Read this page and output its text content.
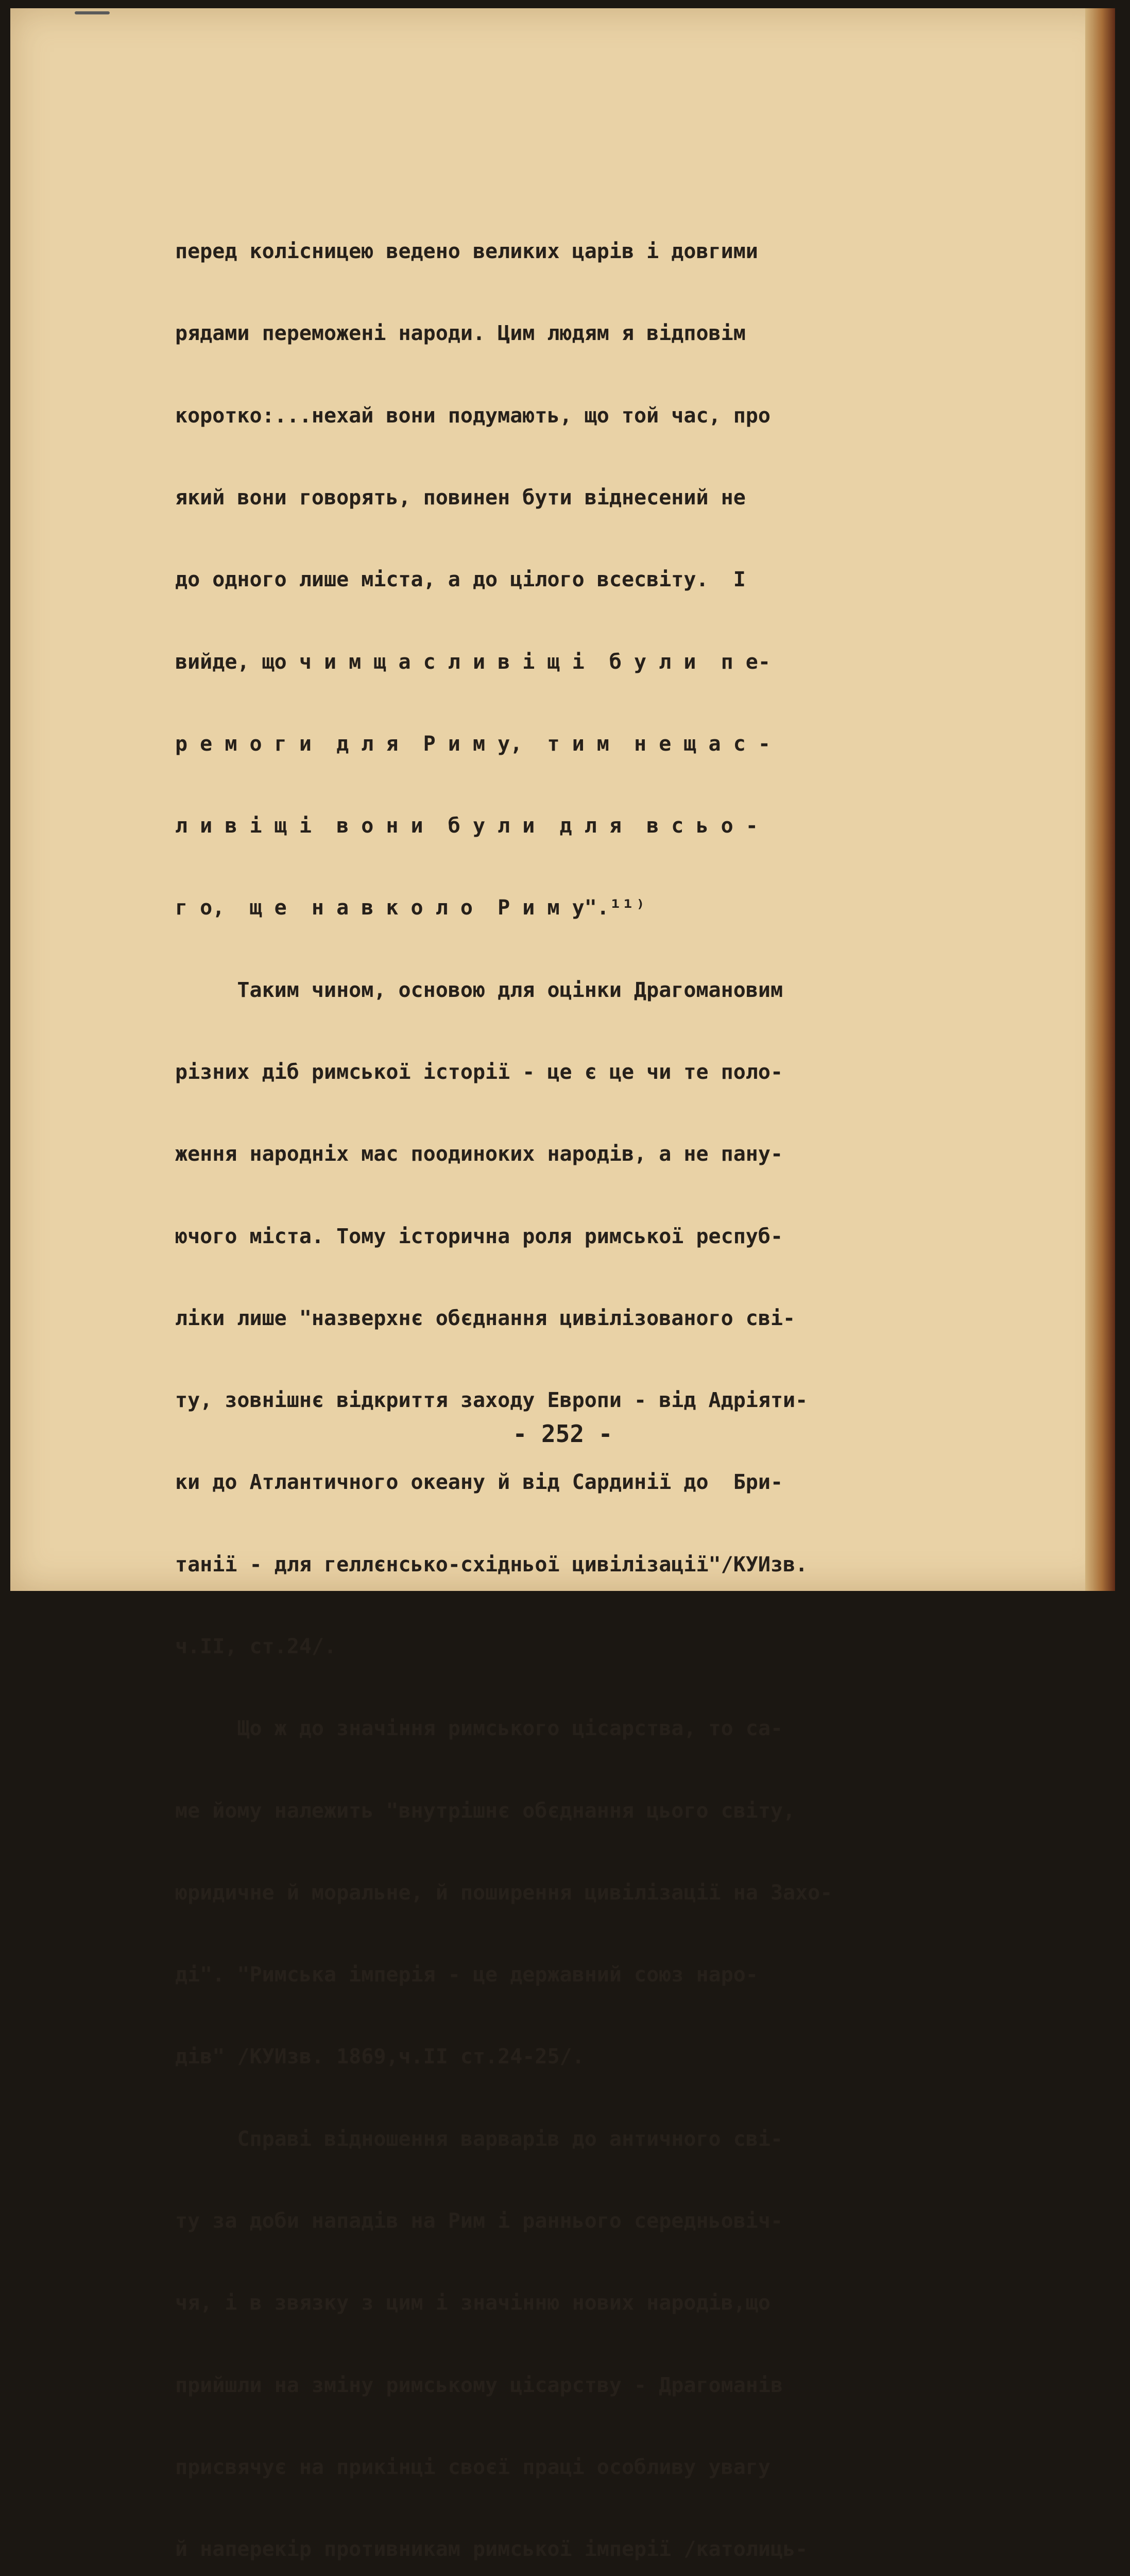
перед колісницею ведено великих царів і довгими

рядами переможені народи. Цим людям я відповім

коротко:...нехай вони подумають, що той час, про

який вони говорять, повинен бути віднесений не

до одного лише міста, а до цілого всесвіту.  І

вийде, що ч и м щ а с л и в і щ і  б у л и  п е-

р е м о г и  д л я  Р и м у,  т и м  н е щ а с -

л и в і щ і  в о н и  б у л и  д л я  в с ь о -

г о,  щ е  н а в к о л о  Р и м у".¹¹⁾

Таким чином, основою для оцінки Драгомановим

різних діб римської історії - це є це чи те поло-

ження народніх мас поодиноких народів, а не пану-

ючого міста. Тому історична роля римської респуб-

ліки лише "назверхнє обєднання цивілізованого сві-

ту, зовнішнє відкриття заходу Европи - від Адріяти-

ки до Атлантичного океану й від Сардинії до  Бри-

танії - для геллєнсько-східньої цивілізації"/КУИзв.

ч.II, ст.24/.

Що ж до значіння римського цісарства, то са-

ме йому належить "внутрішнє обєднання цього світу,

юридичне й моральне, й поширення цивілізації на Захо-

ді". "Римська імперія - це державний союз наро-

дів" /КУИзв. 1869,ч.II ст.24-25/.

Справі відношення варварів до античного сві-

ту за доби нападів на Рим і раннього середньовіч-

чя, і в звязку з цим і значінню нових народів,що

прийшли на зміну римському цісарству - Драгоманів

присвячує на прикінці своєї праці особливу увагу

й наперекір противникам римської імперії /католиць-

- 252 -
